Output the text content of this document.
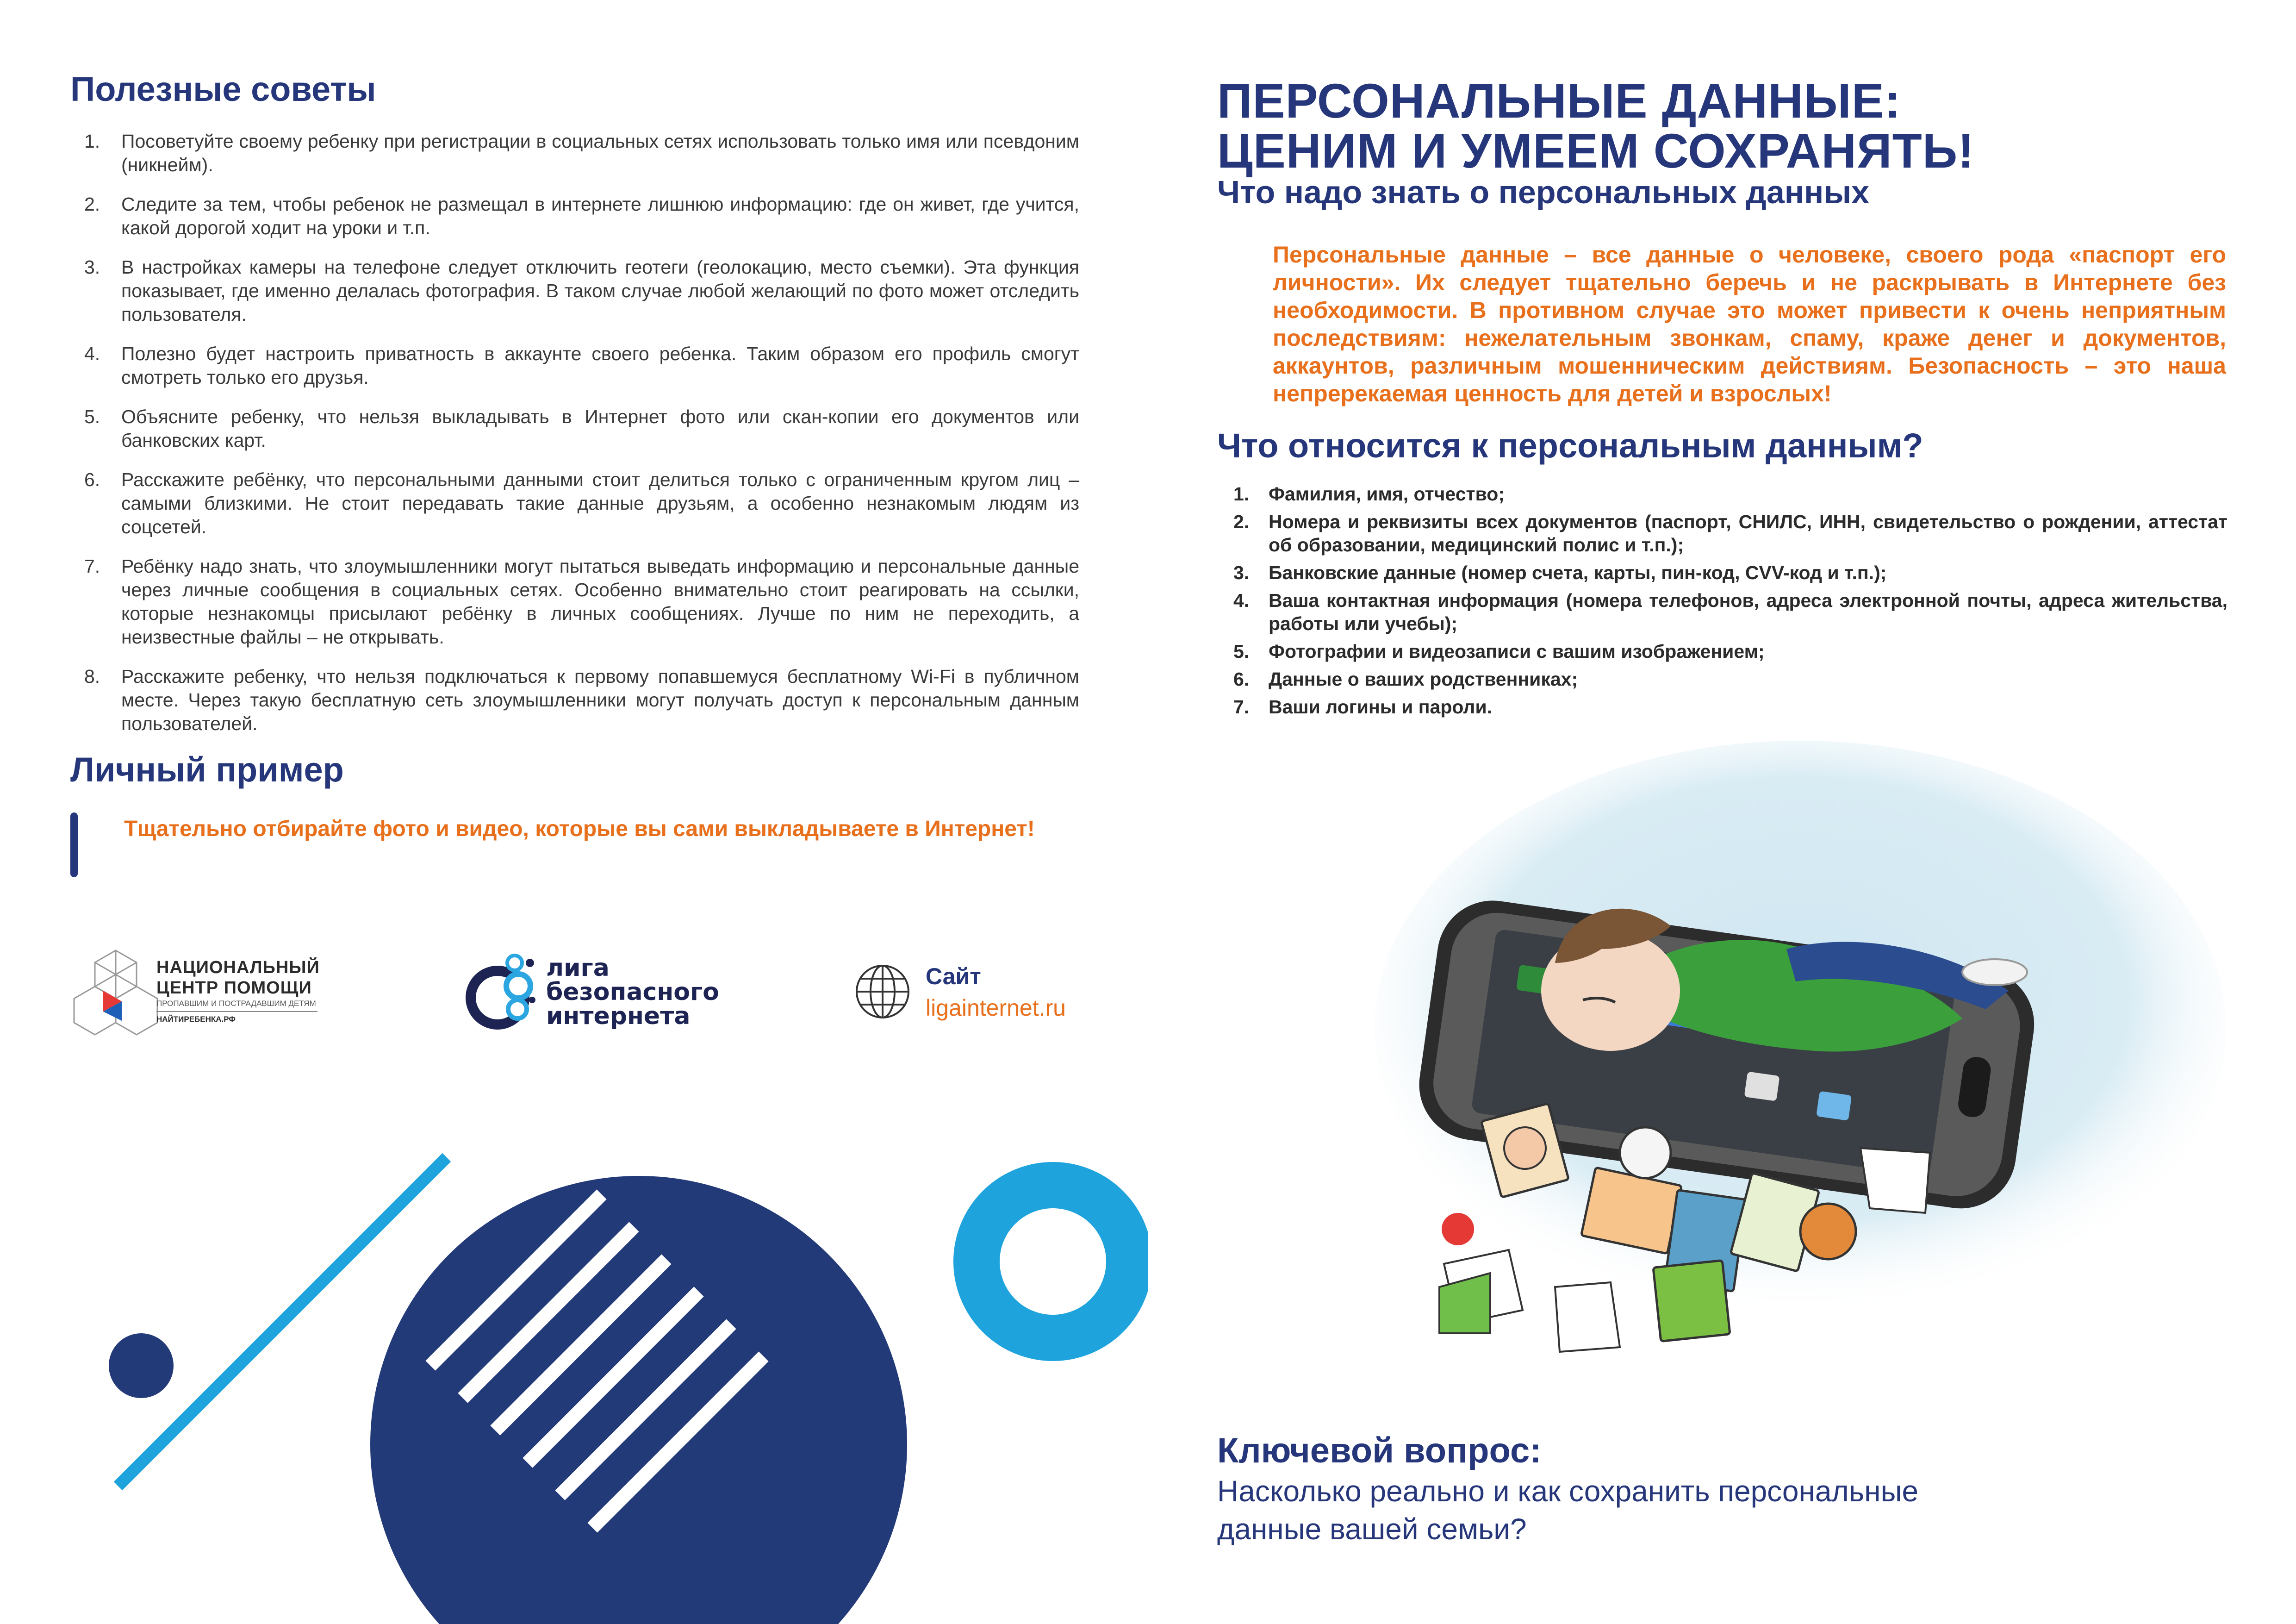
Полезные советы
1. Посоветуйте своему ребенку при регистрации в социальных сетях использовать только имя или псевдоним (никнейм).
2. Следите за тем, чтобы ребенок не размещал в интернете лишнюю информацию: где он живет, где учится, какой дорогой ходит на уроки и т.п.
3. В настройках камеры на телефоне следует отключить геотеги (геолокацию, место съемки). Эта функция показывает, где именно делалась фотография. В таком случае любой желающий по фото может отследить пользователя.
4. Полезно будет настроить приватность в аккаунте своего ребенка. Таким образом его профиль смогут смотреть только его друзья.
5. Объясните ребенку, что нельзя выкладывать в Интернет фото или скан-копии его документов или банковских карт.
6. Расскажите ребёнку, что персональными данными стоит делиться только с ограниченным кругом лиц – самыми близкими. Не стоит передавать такие данные друзьям, а особенно незнакомым людям из соцсетей.
7. Ребёнку надо знать, что злоумышленники могут пытаться выведать информацию и персональные данные через личные сообщения в социальных сетях. Особенно внимательно стоит реагировать на ссылки, которые незнакомцы присылают ребёнку в личных сообщениях. Лучше по ним не переходить, а неизвестные файлы – не открывать.
8. Расскажите ребенку, что нельзя подключаться к первому попавшемуся бесплатному Wi-Fi в публичном месте. Через такую бесплатную сеть злоумышленники могут получать доступ к персональным данным пользователей.
Личный пример
Тщательно отбирайте фото и видео, которые вы сами выкладываете в Интернет!
НАЦИОНАЛЬНЫЙ
ЦЕНТР ПОМОЩИ
ПРОПАВШИМ И ПОСТРАДАВШИМ ДЕТЯМ
НАЙТИРЕБЕНКА.РФ
лига
безопасного
интернета
Сайт
ligainternet.ru
ПЕРСОНАЛЬНЫЕ ДАННЫЕ:
ЦЕНИМ И УМЕЕМ СОХРАНЯТЬ!
Что надо знать о персональных данных
Персональные данные – все данные о человеке, своего рода «паспорт его личности». Их следует тщательно беречь и не раскрывать в Интернете без необходимости. В противном случае это может привести к очень неприятным последствиям: нежелательным звонкам, спаму, краже денег и документов, аккаунтов, различным мошенническим действиям. Безопасность – это наша непререкаемая ценность для детей и взрослых!
Что относится к персональным данным?
1. Фамилия, имя, отчество;
2. Номера и реквизиты всех документов (паспорт, СНИЛС, ИНН, свидетельство о рождении, аттестат об образовании, медицинский полис и т.п.);
3. Банковские данные (номер счета, карты, пин-код, CVV-код и т.п.);
4. Ваша контактная информация (номера телефонов, адреса электронной почты, адреса жительства, работы или учебы);
5. Фотографии и видеозаписи с вашим изображением;
6. Данные о ваших родственниках;
7. Ваши логины и пароли.
Ключевой вопрос:
Насколько реально и как сохранить персональные данные вашей семьи?
